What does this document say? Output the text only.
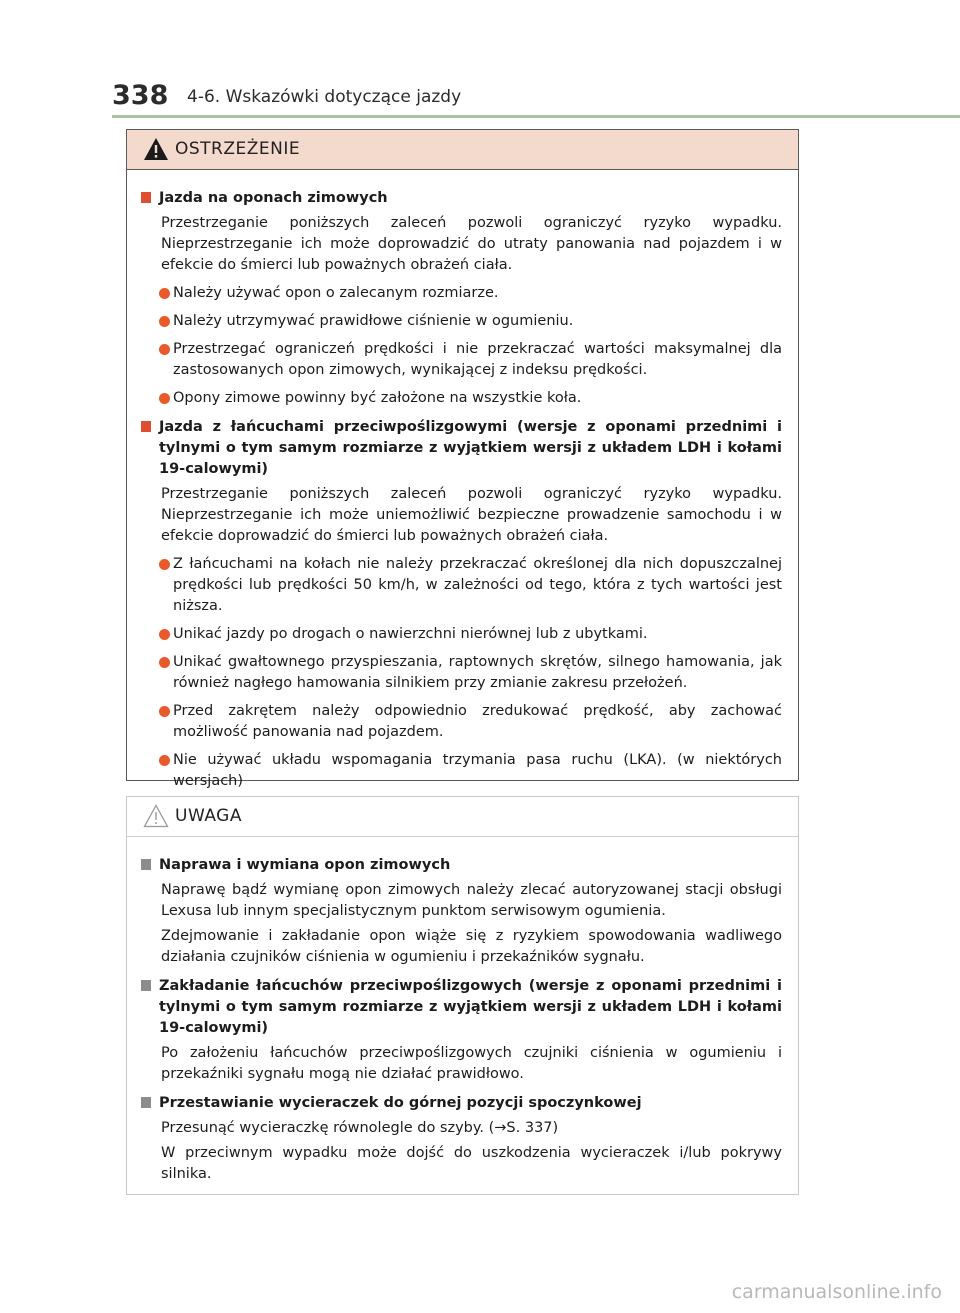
338 4-6. Wskazówki dotyczące jazdy
OSTRZEŻENIE
Jazda na oponach zimowych
Przestrzeganie poniższych zaleceń pozwoli ograniczyć ryzyko wypadku. Nieprzestrzeganie ich może doprowadzić do utraty panowania nad pojazdem i w efekcie do śmierci lub poważnych obrażeń ciała.
Należy używać opon o zalecanym rozmiarze.
Należy utrzymywać prawidłowe ciśnienie w ogumieniu.
Przestrzegać ograniczeń prędkości i nie przekraczać wartości maksymalnej dla zastosowanych opon zimowych, wynikającej z indeksu prędkości.
Opony zimowe powinny być założone na wszystkie koła.
Jazda z łańcuchami przeciwpoślizgowymi (wersje z oponami przednimi i tylnymi o tym samym rozmiarze z wyjątkiem wersji z układem LDH i kołami 19-calowymi)
Przestrzeganie poniższych zaleceń pozwoli ograniczyć ryzyko wypadku. Nieprzestrzeganie ich może uniemożliwić bezpieczne prowadzenie samochodu i w efekcie doprowadzić do śmierci lub poważnych obrażeń ciała.
Z łańcuchami na kołach nie należy przekraczać określonej dla nich dopuszczalnej prędkości lub prędkości 50 km/h, w zależności od tego, która z tych wartości jest niższa.
Unikać jazdy po drogach o nawierzchni nierównej lub z ubytkami.
Unikać gwałtownego przyspieszania, raptownych skrętów, silnego hamowania, jak również nagłego hamowania silnikiem przy zmianie zakresu przełożeń.
Przed zakrętem należy odpowiednio zredukować prędkość, aby zachować możliwość panowania nad pojazdem.
Nie używać układu wspomagania trzymania pasa ruchu (LKA). (w niektórych wersjach)
UWAGA
Naprawa i wymiana opon zimowych
Naprawę bądź wymianę opon zimowych należy zlecać autoryzowanej stacji obsługi Lexusa lub innym specjalistycznym punktom serwisowym ogumienia.
Zdejmowanie i zakładanie opon wiąże się z ryzykiem spowodowania wadliwego działania czujników ciśnienia w ogumieniu i przekaźników sygnału.
Zakładanie łańcuchów przeciwpoślizgowych (wersje z oponami przednimi i tylnymi o tym samym rozmiarze z wyjątkiem wersji z układem LDH i kołami 19-calowymi)
Po założeniu łańcuchów przeciwpoślizgowych czujniki ciśnienia w ogumieniu i przekaźniki sygnału mogą nie działać prawidłowo.
Przestawianie wycieraczek do górnej pozycji spoczynkowej
Przesunąć wycieraczkę równolegle do szyby. (→S. 337)
W przeciwnym wypadku może dojść do uszkodzenia wycieraczek i/lub pokrywy silnika.
carmanualsonline.info
